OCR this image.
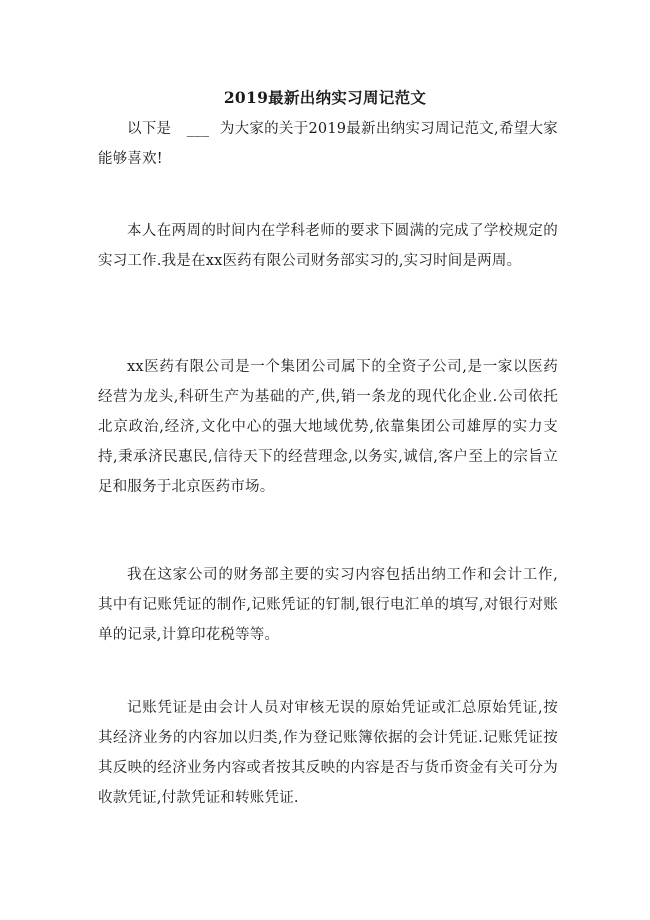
2019最新出纳实习周记范文

以下是 ___ 为大家的关于2019最新出纳实习周记范文,希望大家能够喜欢!

本人在两周的时间内在学科老师的要求下圆满的完成了学校规定的实习工作.我是在xx医药有限公司财务部实习的,实习时间是两周。

xx医药有限公司是一个集团公司属下的全资子公司,是一家以医药经营为龙头,科研生产为基础的产,供,销一条龙的现代化企业.公司依托北京政治,经济,文化中心的强大地域优势,依靠集团公司雄厚的实力支持,秉承济民惠民,信待天下的经营理念,以务实,诚信,客户至上的宗旨立足和服务于北京医药市场。

我在这家公司的财务部主要的实习内容包括出纳工作和会计工作,其中有记账凭证的制作,记账凭证的钉制,银行电汇单的填写,对银行对账单的记录,计算印花税等等。

记账凭证是由会计人员对审核无误的原始凭证或汇总原始凭证,按其经济业务的内容加以归类,作为登记账簿依据的会计凭证.记账凭证按其反映的经济业务内容或者按其反映的内容是否与货币资金有关可分为收款凭证,付款凭证和转账凭证.
